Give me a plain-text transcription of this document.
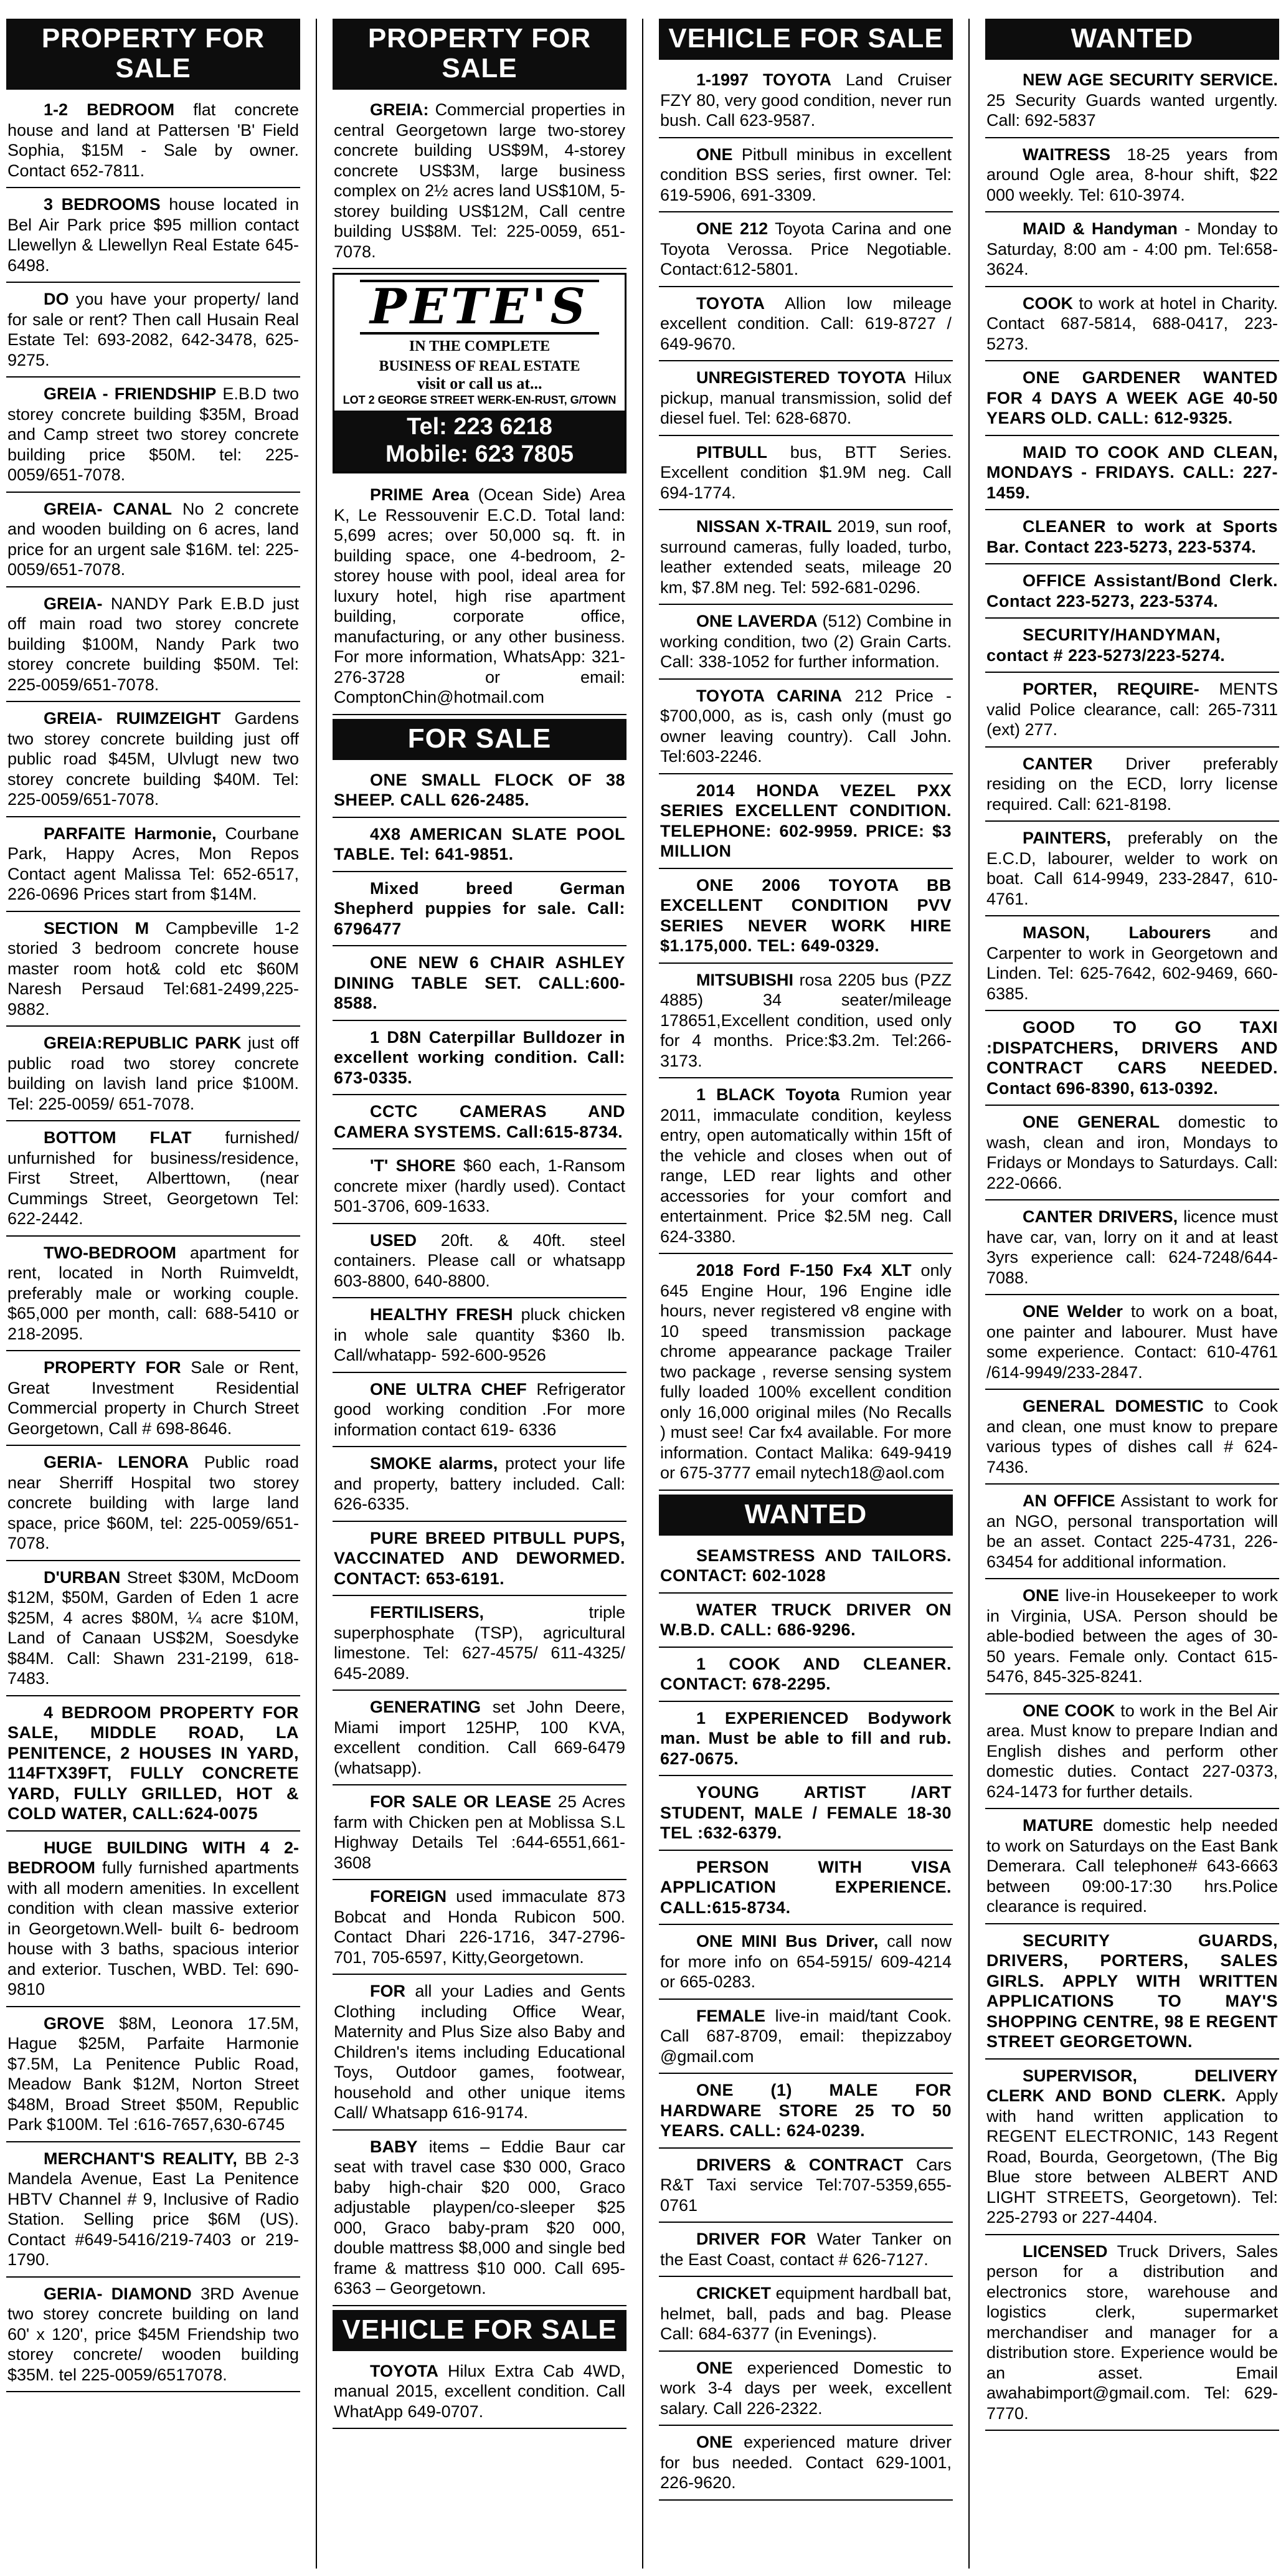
PROPERTY FOR SALE
1-2 BEDROOM flat concrete house and land at Pattersen 'B' Field Sophia, $15M - Sale by owner. Contact 652-7811.
3 BEDROOMS house located in Bel Air Park price $95 million contact Llewellyn & Llewellyn Real Estate 645-6498.
DO you have your property/ land for sale or rent? Then call Husain Real Estate Tel: 693-2082, 642-3478, 625-9275.
GREIA - FRIENDSHIP E.B.D two storey concrete building $35M, Broad and Camp street two storey concrete building price $50M. tel: 225-0059/651-7078.
GREIA- CANAL No 2 concrete and wooden building on 6 acres, land price for an urgent sale $16M. tel: 225-0059/651-7078.
GREIA- NANDY Park E.B.D just off main road two storey concrete building $100M, Nandy Park two storey concrete building $50M. Tel: 225-0059/651-7078.
GREIA- RUIMZEIGHT Gardens two storey concrete building just off public road $45M, Ulvlugt new two storey concrete building $40M. Tel: 225-0059/651-7078.
PARFAITE Harmonie, Courbane Park, Happy Acres, Mon Repos Contact agent Malissa Tel: 652-6517, 226-0696 Prices start from $14M.
SECTION M Campbeville 1-2 storied 3 bedroom concrete house master room hot& cold etc $60M Naresh Persaud Tel:681-2499,225-9882.
GREIA:REPUBLIC PARK just off public road two storey concrete building on lavish land price $100M. Tel: 225-0059/ 651-7078.
BOTTOM FLAT furnished/ unfurnished for business/residence, First Street, Alberttown, (near Cummings Street, Georgetown Tel: 622-2442.
TWO-BEDROOM apartment for rent, located in North Ruimveldt, preferably male or working couple. $65,000 per month, call: 688-5410 or 218-2095.
PROPERTY FOR Sale or Rent, Great Investment Residential Commercial property in Church Street Georgetown, Call # 698-8646.
GERIA- LENORA Public road near Sherriff Hospital two storey concrete building with large land space, price $60M, tel: 225-0059/651-7078.
D'URBAN Street $30M, McDoom $12M, $50M, Garden of Eden 1 acre $25M, 4 acres $80M, ¼ acre $10M, Land of Canaan US$2M, Soesdyke $84M. Call: Shawn 231-2199, 618-7483.
4 BEDROOM PROPERTY FOR SALE, MIDDLE ROAD, LA PENITENCE, 2 HOUSES IN YARD, 114FTX39FT, FULLY CONCRETE YARD, FULLY GRILLED, HOT & COLD WATER, CALL:624-0075
HUGE BUILDING WITH 4 2- BEDROOM fully furnished apartments with all modern amenities. In excellent condition with clean massive exterior in Georgetown.Well- built 6- bedroom house with 3 baths, spacious interior and exterior. Tuschen, WBD. Tel: 690-9810
GROVE $8M, Leonora 17.5M, Hague $25M, Parfaite Harmonie $7.5M, La Penitence Public Road, Meadow Bank $12M, Norton Street $48M, Broad Street $50M, Republic Park $100M. Tel :616-7657,630-6745
MERCHANT'S REALITY, BB 2-3 Mandela Avenue, East La Penitence HBTV Channel # 9, Inclusive of Radio Station. Selling price $6M (US). Contact #649-5416/219-7403 or 219-1790.
GERIA- DIAMOND 3RD Avenue two storey concrete building on land 60' x 120', price $45M Friendship two storey concrete/ wooden building $35M. tel 225-0059/6517078.
PROPERTY FOR SALE
GREIA: Commercial properties in central Georgetown large two-storey concrete building US$9M, 4-storey concrete US$3M, large business complex on 2½ acres land US$10M, 5-storey building US$12M, Call centre building US$8M. Tel: 225-0059, 651-7078.
PETE'S
IN THE COMPLETE
BUSINESS OF REAL ESTATE
visit or call us at...
LOT 2 GEORGE STREET WERK-EN-RUST, G/TOWN
Tel: 223 6218
Mobile: 623 7805
PRIME Area (Ocean Side) Area K, Le Ressouvenir E.C.D. Total land: 5,699 acres; over 50,000 sq. ft. in building space, one 4-bedroom, 2-storey house with pool, ideal area for luxury hotel, high rise apartment building, corporate office, manufacturing, or any other business. For more information, WhatsApp: 321-276-3728 or email: ComptonChin@hotmail.com
FOR SALE
ONE SMALL FLOCK OF 38 SHEEP. CALL 626-2485.
4X8 AMERICAN SLATE POOL TABLE. Tel: 641-9851.
Mixed breed German Shepherd puppies for sale. Call: 6796477
ONE NEW 6 CHAIR ASHLEY DINING TABLE SET. CALL:600-8588.
1 D8N Caterpillar Bulldozer in excellent working condition. Call: 673-0335.
CCTC CAMERAS AND CAMERA SYSTEMS. Call:615-8734.
'T' SHORE $60 each, 1-Ransom concrete mixer (hardly used). Contact 501-3706, 609-1633.
USED 20ft. & 40ft. steel containers. Please call or whatsapp 603-8800, 640-8800.
HEALTHY FRESH pluck chicken in whole sale quantity $360 lb. Call/whatapp- 592-600-9526
ONE ULTRA CHEF Refrigerator good working condition .For more information contact 619- 6336
SMOKE alarms, protect your life and property, battery included. Call: 626-6335.
PURE BREED PITBULL PUPS, VACCINATED AND DEWORMED. CONTACT: 653-6191.
FERTILISERS, triple superphosphate (TSP), agricultural limestone. Tel: 627-4575/ 611-4325/ 645-2089.
GENERATING set John Deere, Miami import 125HP, 100 KVA, excellent condition. Call 669-6479 (whatsapp).
FOR SALE OR LEASE 25 Acres farm with Chicken pen at Moblissa S.L Highway Details Tel :644-6551,661-3608
FOREIGN used immaculate 873 Bobcat and Honda Rubicon 500. Contact Dhari 226-1716, 347-2796-701, 705-6597, Kitty,Georgetown.
FOR all your Ladies and Gents Clothing including Office Wear, Maternity and Plus Size also Baby and Children's items including Educational Toys, Outdoor games, footwear, household and other unique items Call/ Whatsapp 616-9174.
BABY items – Eddie Baur car seat with travel case $30 000, Graco baby high-chair $20 000, Graco adjustable playpen/co-sleeper $25 000, Graco baby-pram $20 000, double mattress $8,000 and single bed frame & mattress $10 000. Call 695-6363 – Georgetown.
VEHICLE FOR SALE
TOYOTA Hilux Extra Cab 4WD, manual 2015, excellent condition. Call WhatApp 649-0707.
VEHICLE FOR SALE
1-1997 TOYOTA Land Cruiser FZY 80, very good condition, never run bush. Call 623-9587.
ONE Pitbull minibus in excellent condition BSS series, first owner. Tel: 619-5906, 691-3309.
ONE 212 Toyota Carina and one Toyota Verossa. Price Negotiable. Contact:612-5801.
TOYOTA Allion low mileage excellent condition. Call: 619-8727 / 649-9670.
UNREGISTERED TOYOTA Hilux pickup, manual transmission, solid def diesel fuel. Tel: 628-6870.
PITBULL bus, BTT Series. Excellent condition $1.9M neg. Call 694-1774.
NISSAN X-TRAIL 2019, sun roof, surround cameras, fully loaded, turbo, leather extended seats, mileage 20 km, $7.8M neg. Tel: 592-681-0296.
ONE LAVERDA (512) Combine in working condition, two (2) Grain Carts. Call: 338-1052 for further information.
TOYOTA CARINA 212 Price - $700,000, as is, cash only (must go owner leaving country). Call John. Tel:603-2246.
2014 HONDA VEZEL PXX SERIES EXCELLENT CONDITION. TELEPHONE: 602-9959. PRICE: $3 MILLION
ONE 2006 TOYOTA BB EXCELLENT CONDITION PVV SERIES NEVER WORK HIRE $1.175,000. TEL: 649-0329.
MITSUBISHI rosa 2205 bus (PZZ 4885) 34 seater/mileage 178651,Excellent condition, used only for 4 months. Price:$3.2m. Tel:266-3173.
1 BLACK Toyota Rumion year 2011, immaculate condition, keyless entry, open automatically within 15ft of the vehicle and closes when out of range, LED rear lights and other accessories for your comfort and entertainment. Price $2.5M neg. Call 624-3380.
2018 Ford F-150 Fx4 XLT only 645 Engine Hour, 196 Engine idle hours, never registered v8 engine with 10 speed transmission package chrome appearance package Trailer two package , reverse sensing system fully loaded 100% excellent condition only 16,000 original miles (No Recalls ) must see! Car fx4 available. For more information. Contact Malika: 649-9419 or 675-3777 email nytech18@aol.com
WANTED
SEAMSTRESS AND TAILORS. CONTACT: 602-1028
WATER TRUCK DRIVER ON W.B.D. CALL: 686-9296.
1 COOK AND CLEANER. CONTACT: 678-2295.
1 EXPERIENCED Bodywork man. Must be able to fill and rub. 627-0675.
YOUNG ARTIST /ART STUDENT, MALE / FEMALE 18-30 TEL :632-6379.
PERSON WITH VISA APPLICATION EXPERIENCE. CALL:615-8734.
ONE MINI Bus Driver, call now for more info on 654-5915/ 609-4214 or 665-0283.
FEMALE live-in maid/tant Cook. Call 687-8709, email: thepizzaboy @gmail.com
ONE (1) MALE FOR HARDWARE STORE 25 TO 50 YEARS. CALL: 624-0239.
DRIVERS & CONTRACT Cars R&T Taxi service Tel:707-5359,655-0761
DRIVER FOR Water Tanker on the East Coast, contact # 626-7127.
CRICKET equipment hardball bat, helmet, ball, pads and bag. Please Call: 684-6377 (in Evenings).
ONE experienced Domestic to work 3-4 days per week, excellent salary. Call 226-2322.
ONE experienced mature driver for bus needed. Contact 629-1001, 226-9620.
WANTED
NEW AGE SECURITY SERVICE. 25 Security Guards wanted urgently. Call: 692-5837
WAITRESS 18-25 years from around Ogle area, 8-hour shift, $22 000 weekly. Tel: 610-3974.
MAID & Handyman - Monday to Saturday, 8:00 am - 4:00 pm. Tel:658-3624.
COOK to work at hotel in Charity. Contact 687-5814, 688-0417, 223-5273.
ONE GARDENER WANTED FOR 4 DAYS A WEEK AGE 40-50 YEARS OLD. CALL: 612-9325.
MAID TO COOK AND CLEAN, MONDAYS - FRIDAYS. CALL: 227-1459.
CLEANER to work at Sports Bar. Contact 223-5273, 223-5374.
OFFICE Assistant/Bond Clerk. Contact 223-5273, 223-5374.
SECURITY/HANDYMAN, contact # 223-5273/223-5274.
PORTER, REQUIRE- MENTS valid Police clearance, call: 265-7311 (ext) 277.
CANTER Driver preferably residing on the ECD, lorry license required. Call: 621-8198.
PAINTERS, preferably on the E.C.D, labourer, welder to work on boat. Call 614-9949, 233-2847, 610-4761.
MASON, Labourers and Carpenter to work in Georgetown and Linden. Tel: 625-7642, 602-9469, 660-6385.
GOOD TO GO TAXI :DISPATCHERS, DRIVERS AND CONTRACT CARS NEEDED. Contact 696-8390, 613-0392.
ONE GENERAL domestic to wash, clean and iron, Mondays to Fridays or Mondays to Saturdays. Call: 222-0666.
CANTER DRIVERS, licence must have car, van, lorry on it and at least 3yrs experience call: 624-7248/644-7088.
ONE Welder to work on a boat, one painter and labourer. Must have some experience. Contact: 610-4761 /614-9949/233-2847.
GENERAL DOMESTIC to Cook and clean, one must know to prepare various types of dishes call # 624-7436.
AN OFFICE Assistant to work for an NGO, personal transportation will be an asset. Contact 225-4731, 226-63454 for additional information.
ONE live-in Housekeeper to work in Virginia, USA. Person should be able-bodied between the ages of 30-50 years. Female only. Contact 615-5476, 845-325-8241.
ONE COOK to work in the Bel Air area. Must know to prepare Indian and English dishes and perform other domestic duties. Contact 227-0373, 624-1473 for further details.
MATURE domestic help needed to work on Saturdays on the East Bank Demerara. Call telephone# 643-6663 between 09:00-17:30 hrs.Police clearance is required.
SECURITY GUARDS, DRIVERS, PORTERS, SALES GIRLS. APPLY WITH WRITTEN APPLICATIONS TO MAY'S SHOPPING CENTRE, 98 E REGENT STREET GEORGETOWN.
SUPERVISOR, DELIVERY CLERK AND BOND CLERK. Apply with hand written application to REGENT ELECTRONIC, 143 Regent Road, Bourda, Georgetown, (The Big Blue store between ALBERT AND LIGHT STREETS, Georgetown). Tel: 225-2793 or 227-4404.
LICENSED Truck Drivers, Sales person for a distribution and electronics store, warehouse and logistics clerk, supermarket merchandiser and manager for a distribution store. Experience would be an asset. Email awahabimport@gmail.com. Tel: 629-7770.
